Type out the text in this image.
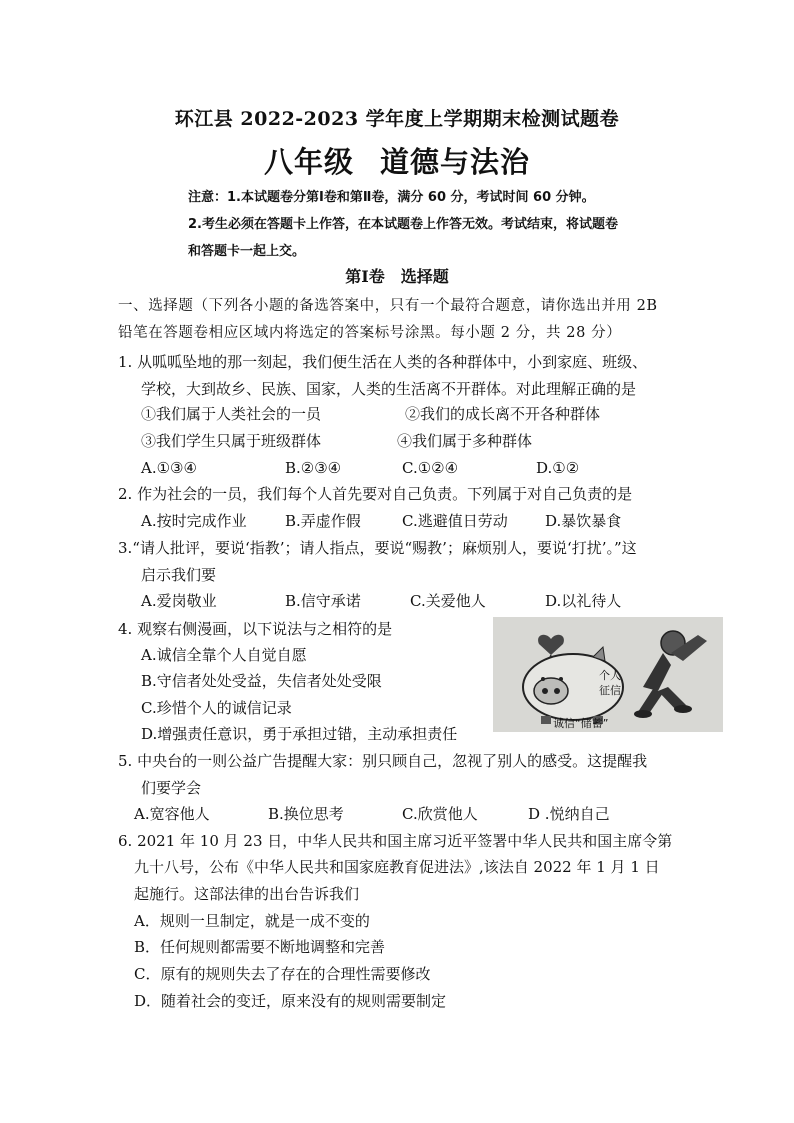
环江县 2022-2023 学年度上学期期末检测试题卷
八年级 道德与法治
注意：1.本试题卷分第Ⅰ卷和第Ⅱ卷，满分 60 分，考试时间 60 分钟。
2.考生必须在答题卡上作答，在本试题卷上作答无效。考试结束，将试题卷
和答题卡一起上交。
第Ⅰ卷　选择题
一、选择题（下列各小题的备选答案中，只有一个最符合题意，请你选出并用 2B
铅笔在答题卷相应区域内将选定的答案标号涂黑。每小题 2 分，共 28 分）
1. 从呱呱坠地的那一刻起，我们便生活在人类的各种群体中，小到家庭、班级、
学校，大到故乡、民族、国家，人类的生活离不开群体。对此理解正确的是
①我们属于人类社会的一员	②我们的成长离不开各种群体
③我们学生只属于班级群体	④我们属于多种群体
A.①③④	B.②③④	C.①②④	D.①②
2. 作为社会的一员，我们每个人首先要对自己负责。下列属于对自己负责的是
A.按时完成作业	B.弄虚作假	C.逃避值日劳动 D.暴饮暴食
3.“请人批评，要说‘指教’；请人指点，要说“赐教’；麻烦别人，要说‘打扰’。”这
启示我们要
A.爱岗敬业	B.信守承诺	C.关爱他人	D.以礼待人
4. 观察右侧漫画，以下说法与之相符的是
A.诚信全靠个人自觉自愿
B.守信者处处受益，失信者处处受限
C.珍惜个人的诚信记录
D.增强责任意识，勇于承担过错，主动承担责任
个人
征信
诚信“储蓄”
5. 中央台的一则公益广告提醒大家：别只顾自己，忽视了别人的感受。这提醒我
们要学会
A.宽容他人	B.换位思考	C.欣赏他人	D .悦纳自己
6. 2021 年 10 月 23 日，中华人民共和国主席习近平签署中华人民共和国主席令第
九十八号，公布《中华人民共和国家庭教育促进法》,该法自 2022 年 1 月 1 日
起施行。这部法律的出台告诉我们
A．规则一旦制定，就是一成不变的
B．任何规则都需要不断地调整和完善
C．原有的规则失去了存在的合理性需要修改
D．随着社会的变迁，原来没有的规则需要制定
